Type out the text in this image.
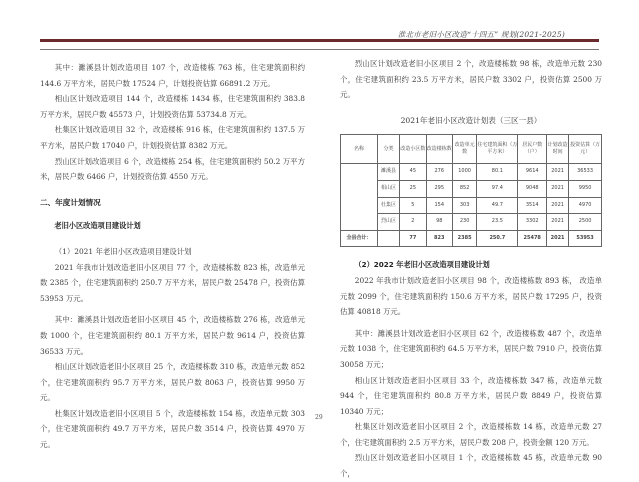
淮北市老旧小区改造“十四五” 规划(2021-2025)

其中：濉溪县计划改造项目 107 个，改造楼栋 763 栋，住宅建筑面积约 144.6 万平方米，居民户数 17524 户，计划投资估算 66891.2 万元。

相山区计划改造项目 144 个，改造楼栋 1434 栋，住宅建筑面积约 383.8 万平方米，居民户数 45573 户，计划投资估算 53734.8 万元。

杜集区计划改造项目 32 个，改造楼栋 916 栋，住宅建筑面积约 137.5 万平方米，居民户数 17040 户，计划投资估算 8382 万元。

烈山区计划改造项目 6 个，改造楼栋 254 栋，住宅建筑面积约 50.2 万平方米，居民户数 6466 户，计划投资估算 4550 万元。

二、年度计划情况
老旧小区改造项目建设计划

（1）2021 年老旧小区改造项目建设计划

2021 年我市计划改造老旧小区项目 77 个，改造楼栋数 823 栋，改造单元数 2385 个，住宅建筑面积约 250.7 万平方米，居民户数 25478 户，投资估算 53953 万元。

其中：濉溪县计划改造老旧小区项目 45 个，改造楼栋数 276 栋，改造单元数 1000 个，住宅建筑面积约 80.1 万平方米，居民户数 9614 户，投资估算 36533 万元。

相山区计划改造老旧小区项目 25 个，改造楼栋数 310 栋，改造单元数 852 个，住宅建筑面积约 95.7 万平方米，居民户数 8063 户，投资估算 9950 万元。

杜集区计划改造老旧小区项目 5 个，改造楼栋数 154 栋，改造单元数 303 个，住宅建筑面积约 49.7 万平方米，居民户数 3514 户，投资估算 4970 万元。

烈山区计划改造老旧小区项目 2 个，改造楼栋数 98 栋，改造单元数 230 个，住宅建筑面积约 23.5 万平方米，居民户数 3302 户，投资估算 2500 万元。

2021年老旧小区改造计划表（三区一县）
名称	分类	改造小区数	改造楼栋数	改造单元数	住宅建筑面积（万平方米）	居民户数（户）	计划改造时间	投资估算（万元）
	濉溪县	45	276	1000	80.1	9614	2021	36533
	相山区	25	295	852	97.4	9048	2021	9950
	杜集区	5	154	303	49.7	3514	2021	4970
	烈山区	2	98	230	23.5	3302	2021	2500
全县合计：		77	823	2385	250.7	25478	2021	53953
（2）2022 年老旧小区改造项目建设计划

2022 年我市计划改造老旧小区项目 98 个，改造楼栋数 893 栋， 改造单元数 2099 个，住宅建筑面积约 150.6 万平方米，居民户数 17295 户，投资估算 40818 万元。

其中：濉溪县计划改造老旧小区项目 62 个，改造楼栋数 487 个，改造单元数 1038 个，住宅建筑面积约 64.5 万平方米，居民户数 7910 户，投资估算 30058 万元；

相山区计划改造老旧小区项目 33 个，改造楼栋数 347 栋，改造单元数 944 个，住宅建筑面积约 80.8 万平方米，居民户数 8849 户，投资估算 10340 万元；

杜集区计划改造老旧小区项目 2 个，改造楼栋数 14 栋，改造单元数 27 个，住宅建筑面积约 2.5 万平方米，居民户数 208 户，投资金额 120 万元。

烈山区计划改造老旧小区项目 1 个，改造楼栋数 45 栋，改造单元数 90 个，

29
